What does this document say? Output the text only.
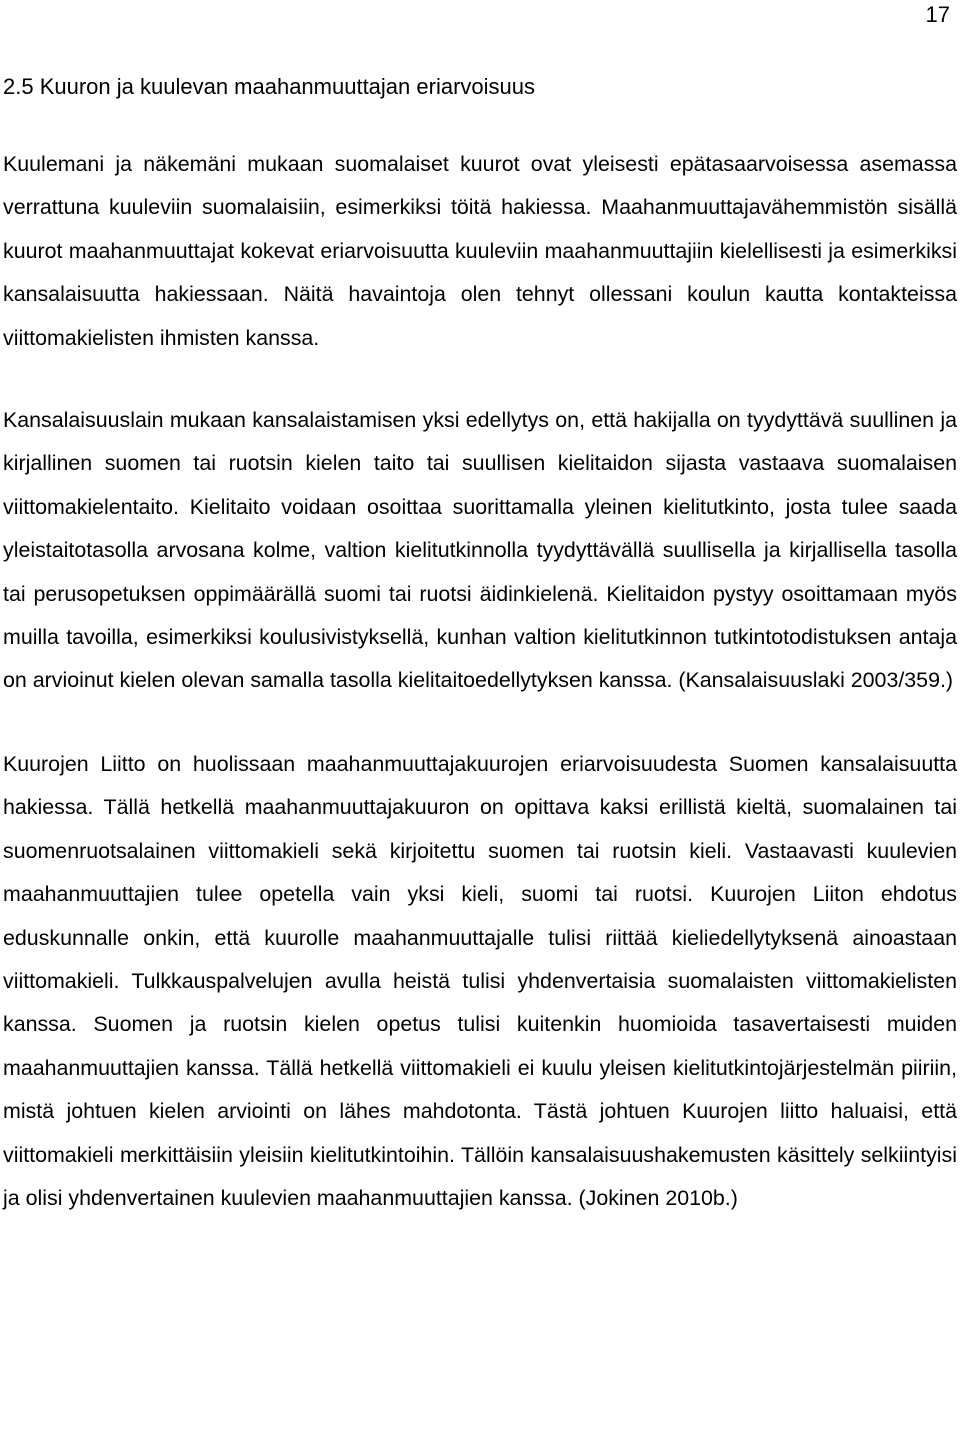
17
2.5 Kuuron ja kuulevan maahanmuuttajan eriarvoisuus

Kuulemani ja näkemäni mukaan suomalaiset kuurot ovat yleisesti epätasaarvoisessa asemassa verrattuna kuuleviin suomalaisiin, esimerkiksi töitä hakiessa. Maahanmuuttajavähemmistön sisällä kuurot maahanmuuttajat kokevat eriarvoisuutta kuuleviin maahanmuuttajiin kielellisesti ja esimerkiksi kansalaisuutta hakiessaan. Näitä havaintoja olen tehnyt ollessani koulun kautta kontakteissa viittomakielisten ihmisten kanssa.

Kansalaisuuslain mukaan kansalaistamisen yksi edellytys on, että hakijalla on tyydyttävä suullinen ja kirjallinen suomen tai ruotsin kielen taito tai suullisen kielitaidon sijasta vastaava suomalaisen viittomakielentaito. Kielitaito voidaan osoittaa suorittamalla yleinen kielitutkinto, josta tulee saada yleistaitotasolla arvosana kolme, valtion kielitutkinnolla tyydyttävällä suullisella ja kirjallisella tasolla tai perusopetuksen oppimäärällä suomi tai ruotsi äidinkielenä. Kielitaidon pystyy osoittamaan myös muilla tavoilla, esimerkiksi koulusivistyksellä, kunhan valtion kielitutkinnon tutkintotodistuksen antaja on arvioinut kielen olevan samalla tasolla kielitaitoedellytyksen kanssa. (Kansalaisuuslaki 2003/359.)

Kuurojen Liitto on huolissaan maahanmuuttajakuurojen eriarvoisuudesta Suomen kansalaisuutta hakiessa. Tällä hetkellä maahanmuuttajakuuron on opittava kaksi erillistä kieltä, suomalainen tai suomenruotsalainen viittomakieli sekä kirjoitettu suomen tai ruotsin kieli. Vastaavasti kuulevien maahanmuuttajien tulee opetella vain yksi kieli, suomi tai ruotsi. Kuurojen Liiton ehdotus eduskunnalle onkin, että kuurolle maahanmuuttajalle tulisi riittää kieliedellytyksenä ainoastaan viittomakieli. Tulkkauspalvelujen avulla heistä tulisi yhdenvertaisia suomalaisten viittomakielisten kanssa. Suomen ja ruotsin kielen opetus tulisi kuitenkin huomioida tasavertaisesti muiden maahanmuuttajien kanssa. Tällä hetkellä viittomakieli ei kuulu yleisen kielitutkintojärjestelmän piiriin, mistä johtuen kielen arviointi on lähes mahdotonta. Tästä johtuen Kuurojen liitto haluaisi, että viittomakieli merkittäisiin yleisiin kielitutkintoihin. Tällöin kansalaisuushakemusten käsittely selkiintyisi ja olisi yhdenvertainen kuulevien maahanmuuttajien kanssa. (Jokinen 2010b.)
